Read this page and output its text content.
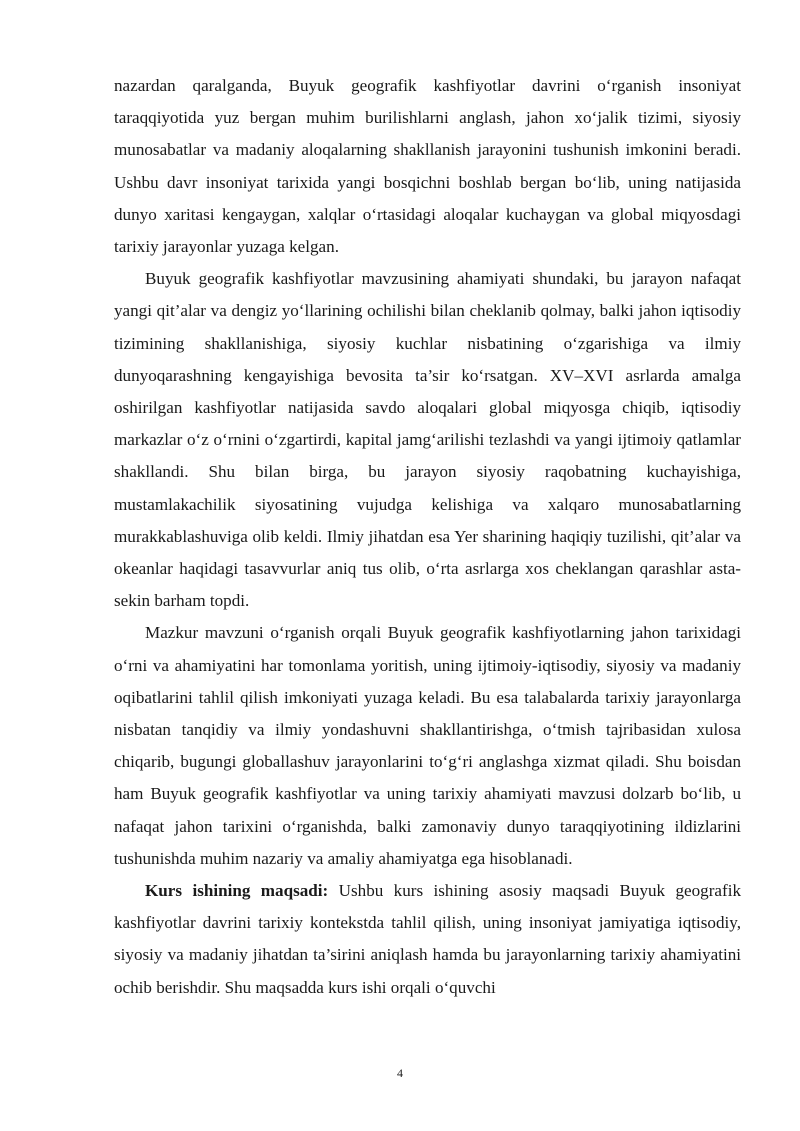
nazardan qaralganda, Buyuk geografik kashfiyotlar davrini o‘rganish insoniyat taraqqiyotida yuz bergan muhim burilishlarni anglash, jahon xo‘jalik tizimi, siyosiy munosabatlar va madaniy aloqalarning shakllanish jarayonini tushunish imkonini beradi. Ushbu davr insoniyat tarixida yangi bosqichni boshlab bergan bo‘lib, uning natijasida dunyo xaritasi kengaygan, xalqlar o‘rtasidagi aloqalar kuchaygan va global miqyosdagi tarixiy jarayonlar yuzaga kelgan.

Buyuk geografik kashfiyotlar mavzusining ahamiyati shundaki, bu jarayon nafaqat yangi qit’alar va dengiz yo‘llarining ochilishi bilan cheklanib qolmay, balki jahon iqtisodiy tizimining shakllanishiga, siyosiy kuchlar nisbatining o‘zgarishiga va ilmiy dunyoqarashning kengayishiga bevosita ta’sir ko‘rsatgan. XV–XVI asrlarda amalga oshirilgan kashfiyotlar natijasida savdo aloqalari global miqyosga chiqib, iqtisodiy markazlar o‘z o‘rnini o‘zgartirdi, kapital jamg‘arilishi tezlashdi va yangi ijtimoiy qatlamlar shakllandi. Shu bilan birga, bu jarayon siyosiy raqobatning kuchayishiga, mustamlakachilik siyosatining vujudga kelishiga va xalqaro munosabatlarning murakkablashuviga olib keldi. Ilmiy jihatdan esa Yer sharining haqiqiy tuzilishi, qit’alar va okeanlar haqidagi tasavvurlar aniq tus olib, o‘rta asrlarga xos cheklangan qarashlar asta-sekin barham topdi.

Mazkur mavzuni o‘rganish orqali Buyuk geografik kashfiyotlarning jahon tarixidagi o‘rni va ahamiyatini har tomonlama yoritish, uning ijtimoiy-iqtisodiy, siyosiy va madaniy oqibatlarini tahlil qilish imkoniyati yuzaga keladi. Bu esa talabalarda tarixiy jarayonlarga nisbatan tanqidiy va ilmiy yondashuvni shakllantirishga, o‘tmish tajribasidan xulosa chiqarib, bugungi globallashuv jarayonlarini to‘g‘ri anglashga xizmat qiladi. Shu boisdan ham Buyuk geografik kashfiyotlar va uning tarixiy ahamiyati mavzusi dolzarb bo‘lib, u nafaqat jahon tarixini o‘rganishda, balki zamonaviy dunyo taraqqiyotining ildizlarini tushunishda muhim nazariy va amaliy ahamiyatga ega hisoblanadi.

Kurs ishining maqsadi: Ushbu kurs ishining asosiy maqsadi Buyuk geografik kashfiyotlar davrini tarixiy kontekstda tahlil qilish, uning insoniyat jamiyatiga iqtisodiy, siyosiy va madaniy jihatdan ta’sirini aniqlash hamda bu jarayonlarning tarixiy ahamiyatini ochib berishdir. Shu maqsadda kurs ishi orqali o‘quvchi

4
